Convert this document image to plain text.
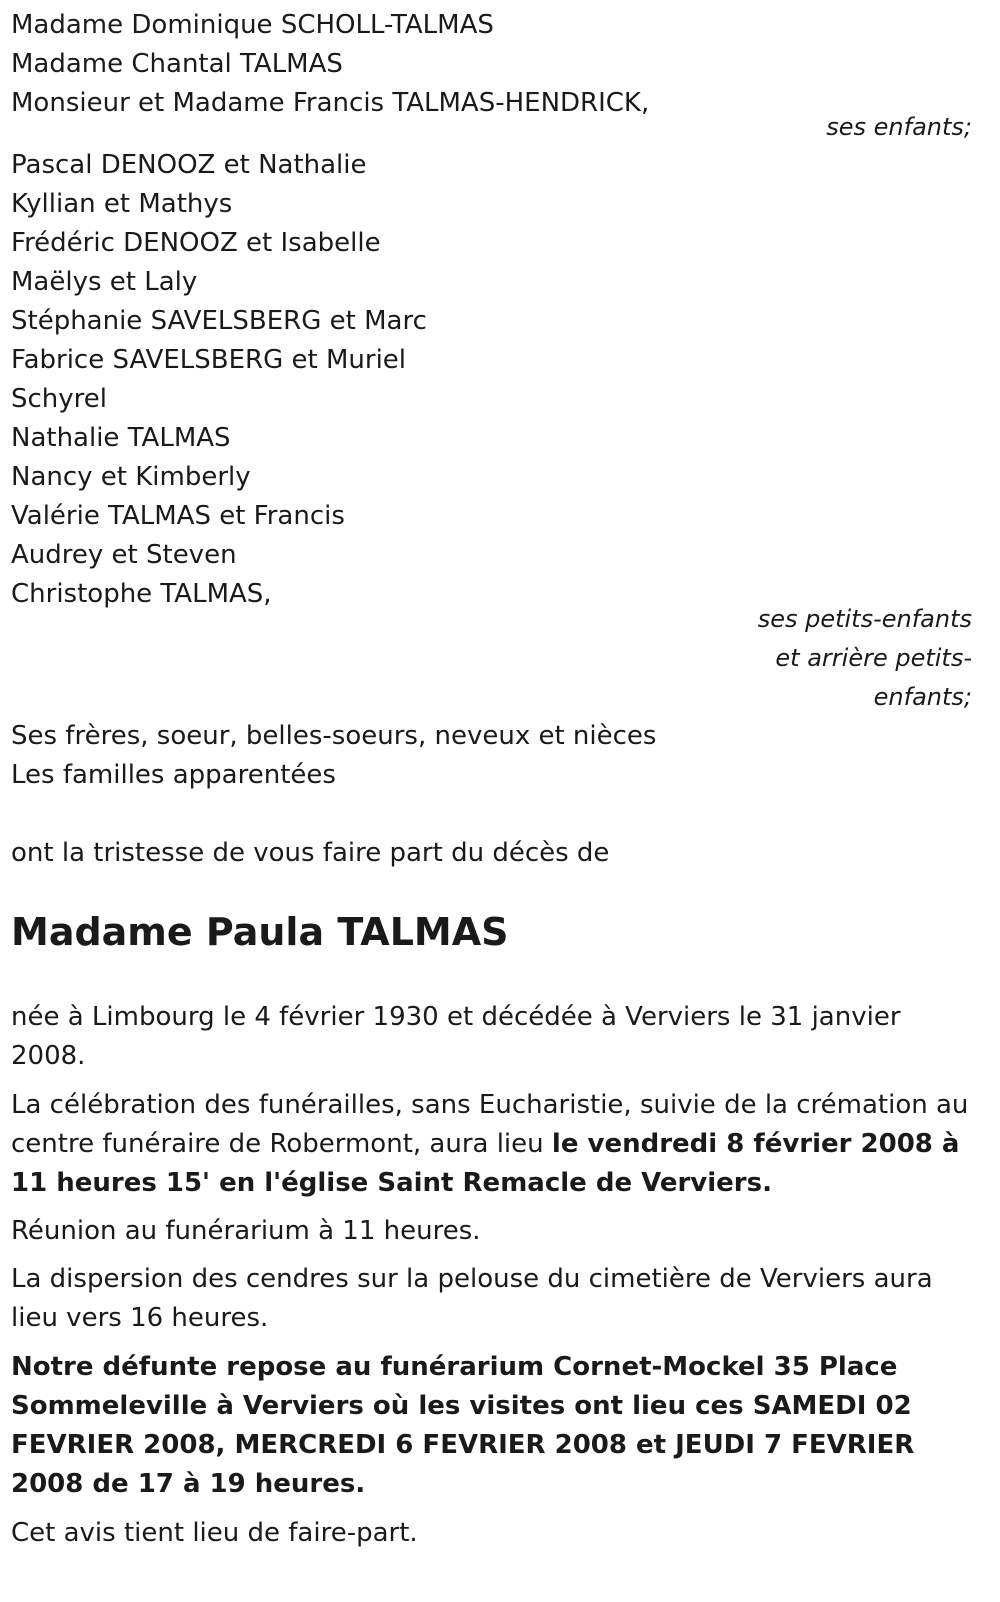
Madame Dominique SCHOLL-TALMAS
Madame Chantal TALMAS
Monsieur et Madame Francis TALMAS-HENDRICK,
ses enfants;
Pascal DENOOZ et Nathalie
Kyllian et Mathys
Frédéric DENOOZ et Isabelle
Maëlys et Laly
Stéphanie SAVELSBERG et Marc
Fabrice SAVELSBERG et Muriel
Schyrel
Nathalie TALMAS
Nancy et Kimberly
Valérie TALMAS et Francis
Audrey et Steven
Christophe TALMAS,
ses petits-enfants
et arrière petits-
enfants;
Ses frères, soeur, belles-soeurs, neveux et nièces
Les familles apparentées
ont la tristesse de vous faire part du décès de
Madame Paula TALMAS
née à Limbourg le 4 février 1930 et décédée à Verviers le 31 janvier 2008.
La célébration des funérailles, sans Eucharistie, suivie de la crémation au centre funéraire de Robermont, aura lieu le vendredi 8 février 2008 à 11 heures 15' en l'église Saint Remacle de Verviers.
Réunion au funérarium à 11 heures.
La dispersion des cendres sur la pelouse du cimetière de Verviers aura lieu vers 16 heures.
Notre défunte repose au funérarium Cornet-Mockel 35 Place Sommeleville à Verviers où les visites ont lieu ces SAMEDI 02 FEVRIER 2008, MERCREDI 6 FEVRIER 2008 et JEUDI 7 FEVRIER 2008 de 17 à 19 heures.
Cet avis tient lieu de faire-part.
